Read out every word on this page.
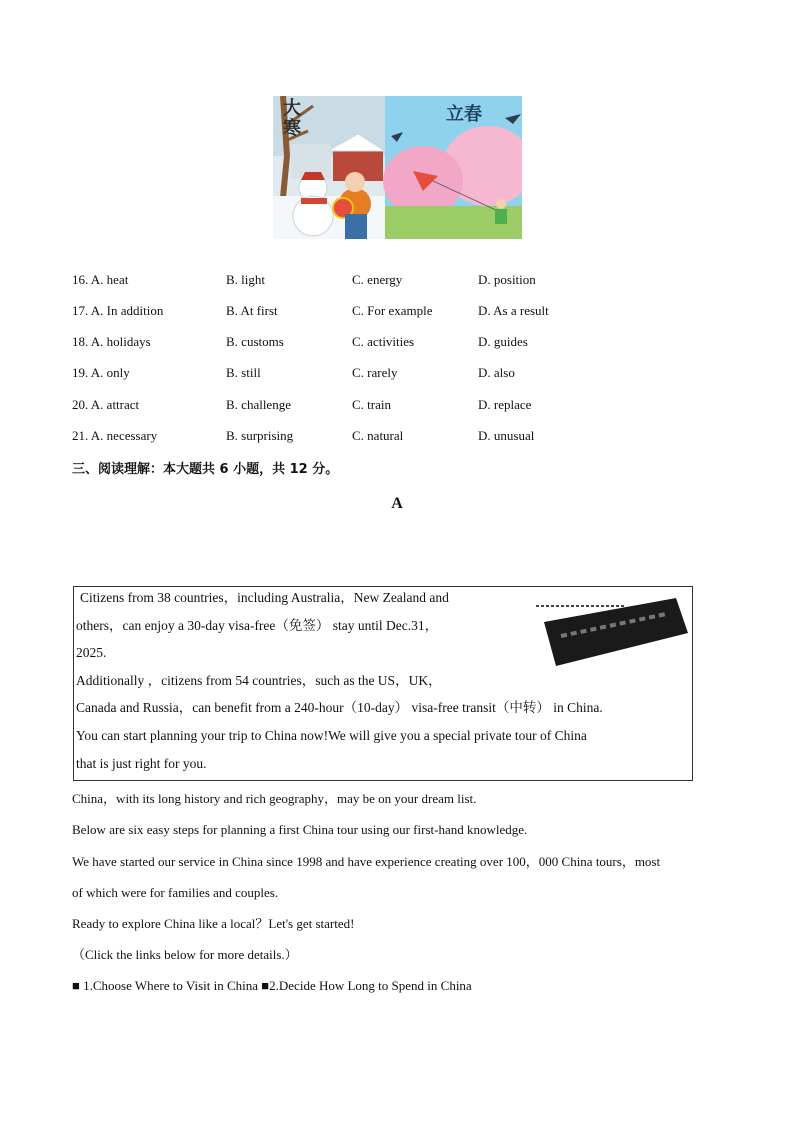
大寒	立春
16. A. heat	B. light	C. energy	D. position
17. A. In addition	B. At first	C. For example	D. As a result
18. A. holidays	B. customs	C. activities	D. guides
19. A. only	B. still	C. rarely	D. also
20. A. attract	B. challenge	C. train	D. replace
21. A. necessary	B. surprising	C. natural	D. unusual
三、阅读理解：本大题共 6 小题，共 12 分。
A
Citizens from 38 countries，including Australia，New Zealand and
others，can enjoy a 30-day visa-free（免签） stay until Dec.31，
2025.
Additionally ，citizens from 54 countries，such as the US，UK，
Canada and Russia，can benefit from a 240-hour（10-day） visa-free transit（中转） in China.
You can start planning your trip to China now!We will give you a special private tour of China
that is just right for you.
China，with its long history and rich geography，may be on your dream list.
Below are six easy steps for planning a first China tour using our first-hand knowledge.
We have started our service in China since 1998 and have experience creating over 100，000 China tours，most
of which were for families and couples.
Ready to explore China like a local？Let's get started!
（Click the links below for more details.）
■ 1.Choose Where to Visit in China ■2.Decide How Long to Spend in China
